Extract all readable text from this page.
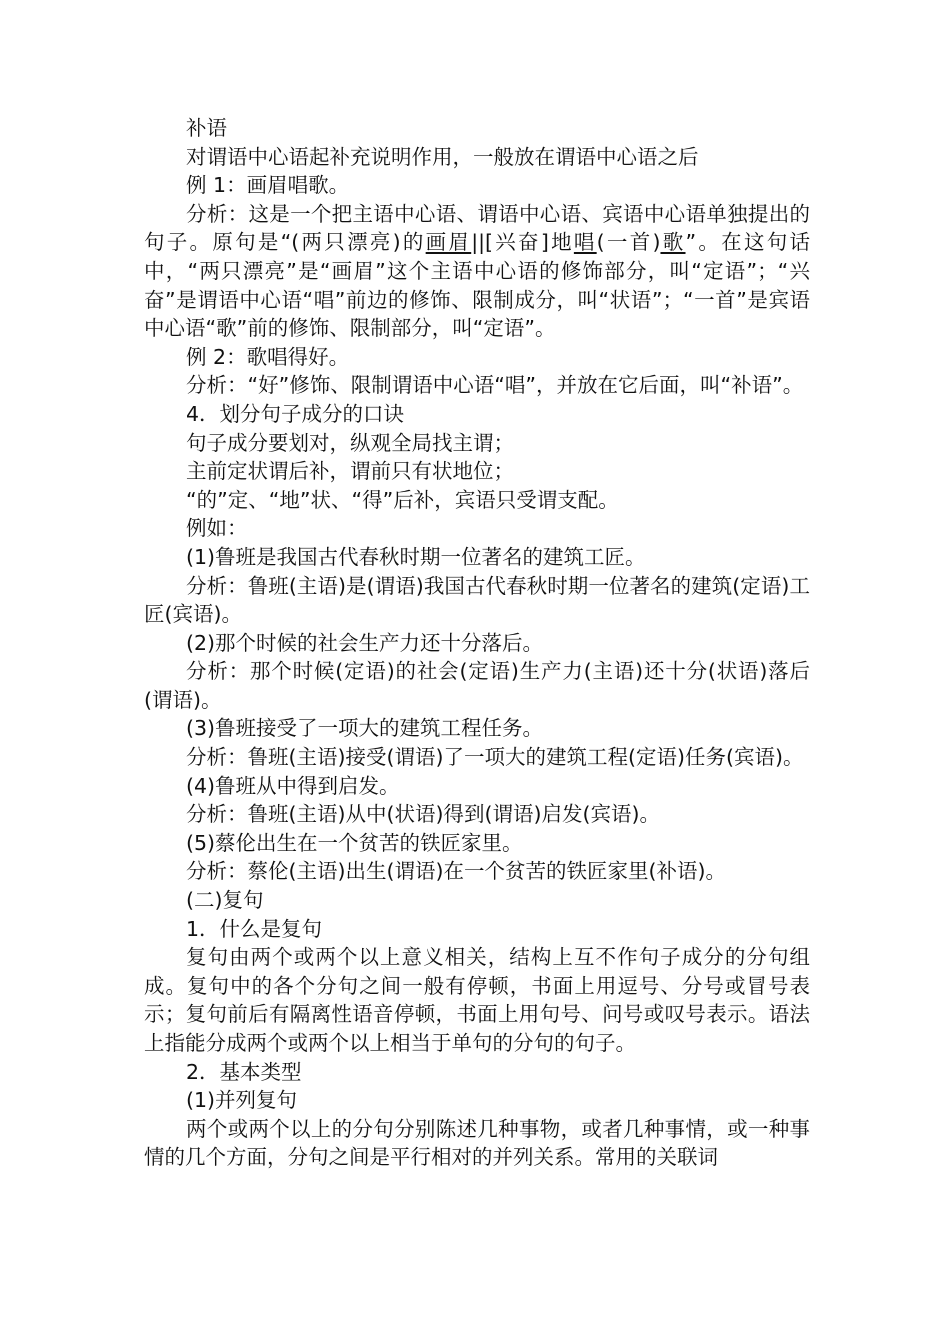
补语

对谓语中心语起补充说明作用，一般放在谓语中心语之后

例 1：画眉唱歌。

分析：这是一个把主语中心语、谓语中心语、宾语中心语单独提出的句子。原句是“(两只漂亮)的画眉||[兴奋]地唱(一首)歌”。在这句话中，“两只漂亮”是“画眉”这个主语中心语的修饰部分，叫“定语”；“兴奋”是谓语中心语“唱”前边的修饰、限制成分，叫“状语”；“一首”是宾语中心语“歌”前的修饰、限制部分，叫“定语”。

例 2：歌唱得好。

分析：“好”修饰、限制谓语中心语“唱”，并放在它后面，叫“补语”。

4．划分句子成分的口诀

句子成分要划对，纵观全局找主谓；

主前定状谓后补，谓前只有状地位；

“的”定、“地”状、“得”后补，宾语只受谓支配。

例如：

(1)鲁班是我国古代春秋时期一位著名的建筑工匠。

分析：鲁班(主语)是(谓语)我国古代春秋时期一位著名的建筑(定语)工匠(宾语)。

(2)那个时候的社会生产力还十分落后。

分析：那个时候(定语)的社会(定语)生产力(主语)还十分(状语)落后(谓语)。

(3)鲁班接受了一项大的建筑工程任务。

分析：鲁班(主语)接受(谓语)了一项大的建筑工程(定语)任务(宾语)。

(4)鲁班从中得到启发。

分析：鲁班(主语)从中(状语)得到(谓语)启发(宾语)。

(5)蔡伦出生在一个贫苦的铁匠家里。

分析：蔡伦(主语)出生(谓语)在一个贫苦的铁匠家里(补语)。

(二)复句

1．什么是复句

复句由两个或两个以上意义相关，结构上互不作句子成分的分句组成。复句中的各个分句之间一般有停顿，书面上用逗号、分号或冒号表示；复句前后有隔离性语音停顿，书面上用句号、问号或叹号表示。语法上指能分成两个或两个以上相当于单句的分句的句子。

2．基本类型

(1)并列复句

两个或两个以上的分句分别陈述几种事物，或者几种事情，或一种事情的几个方面，分句之间是平行相对的并列关系。常用的关联词
